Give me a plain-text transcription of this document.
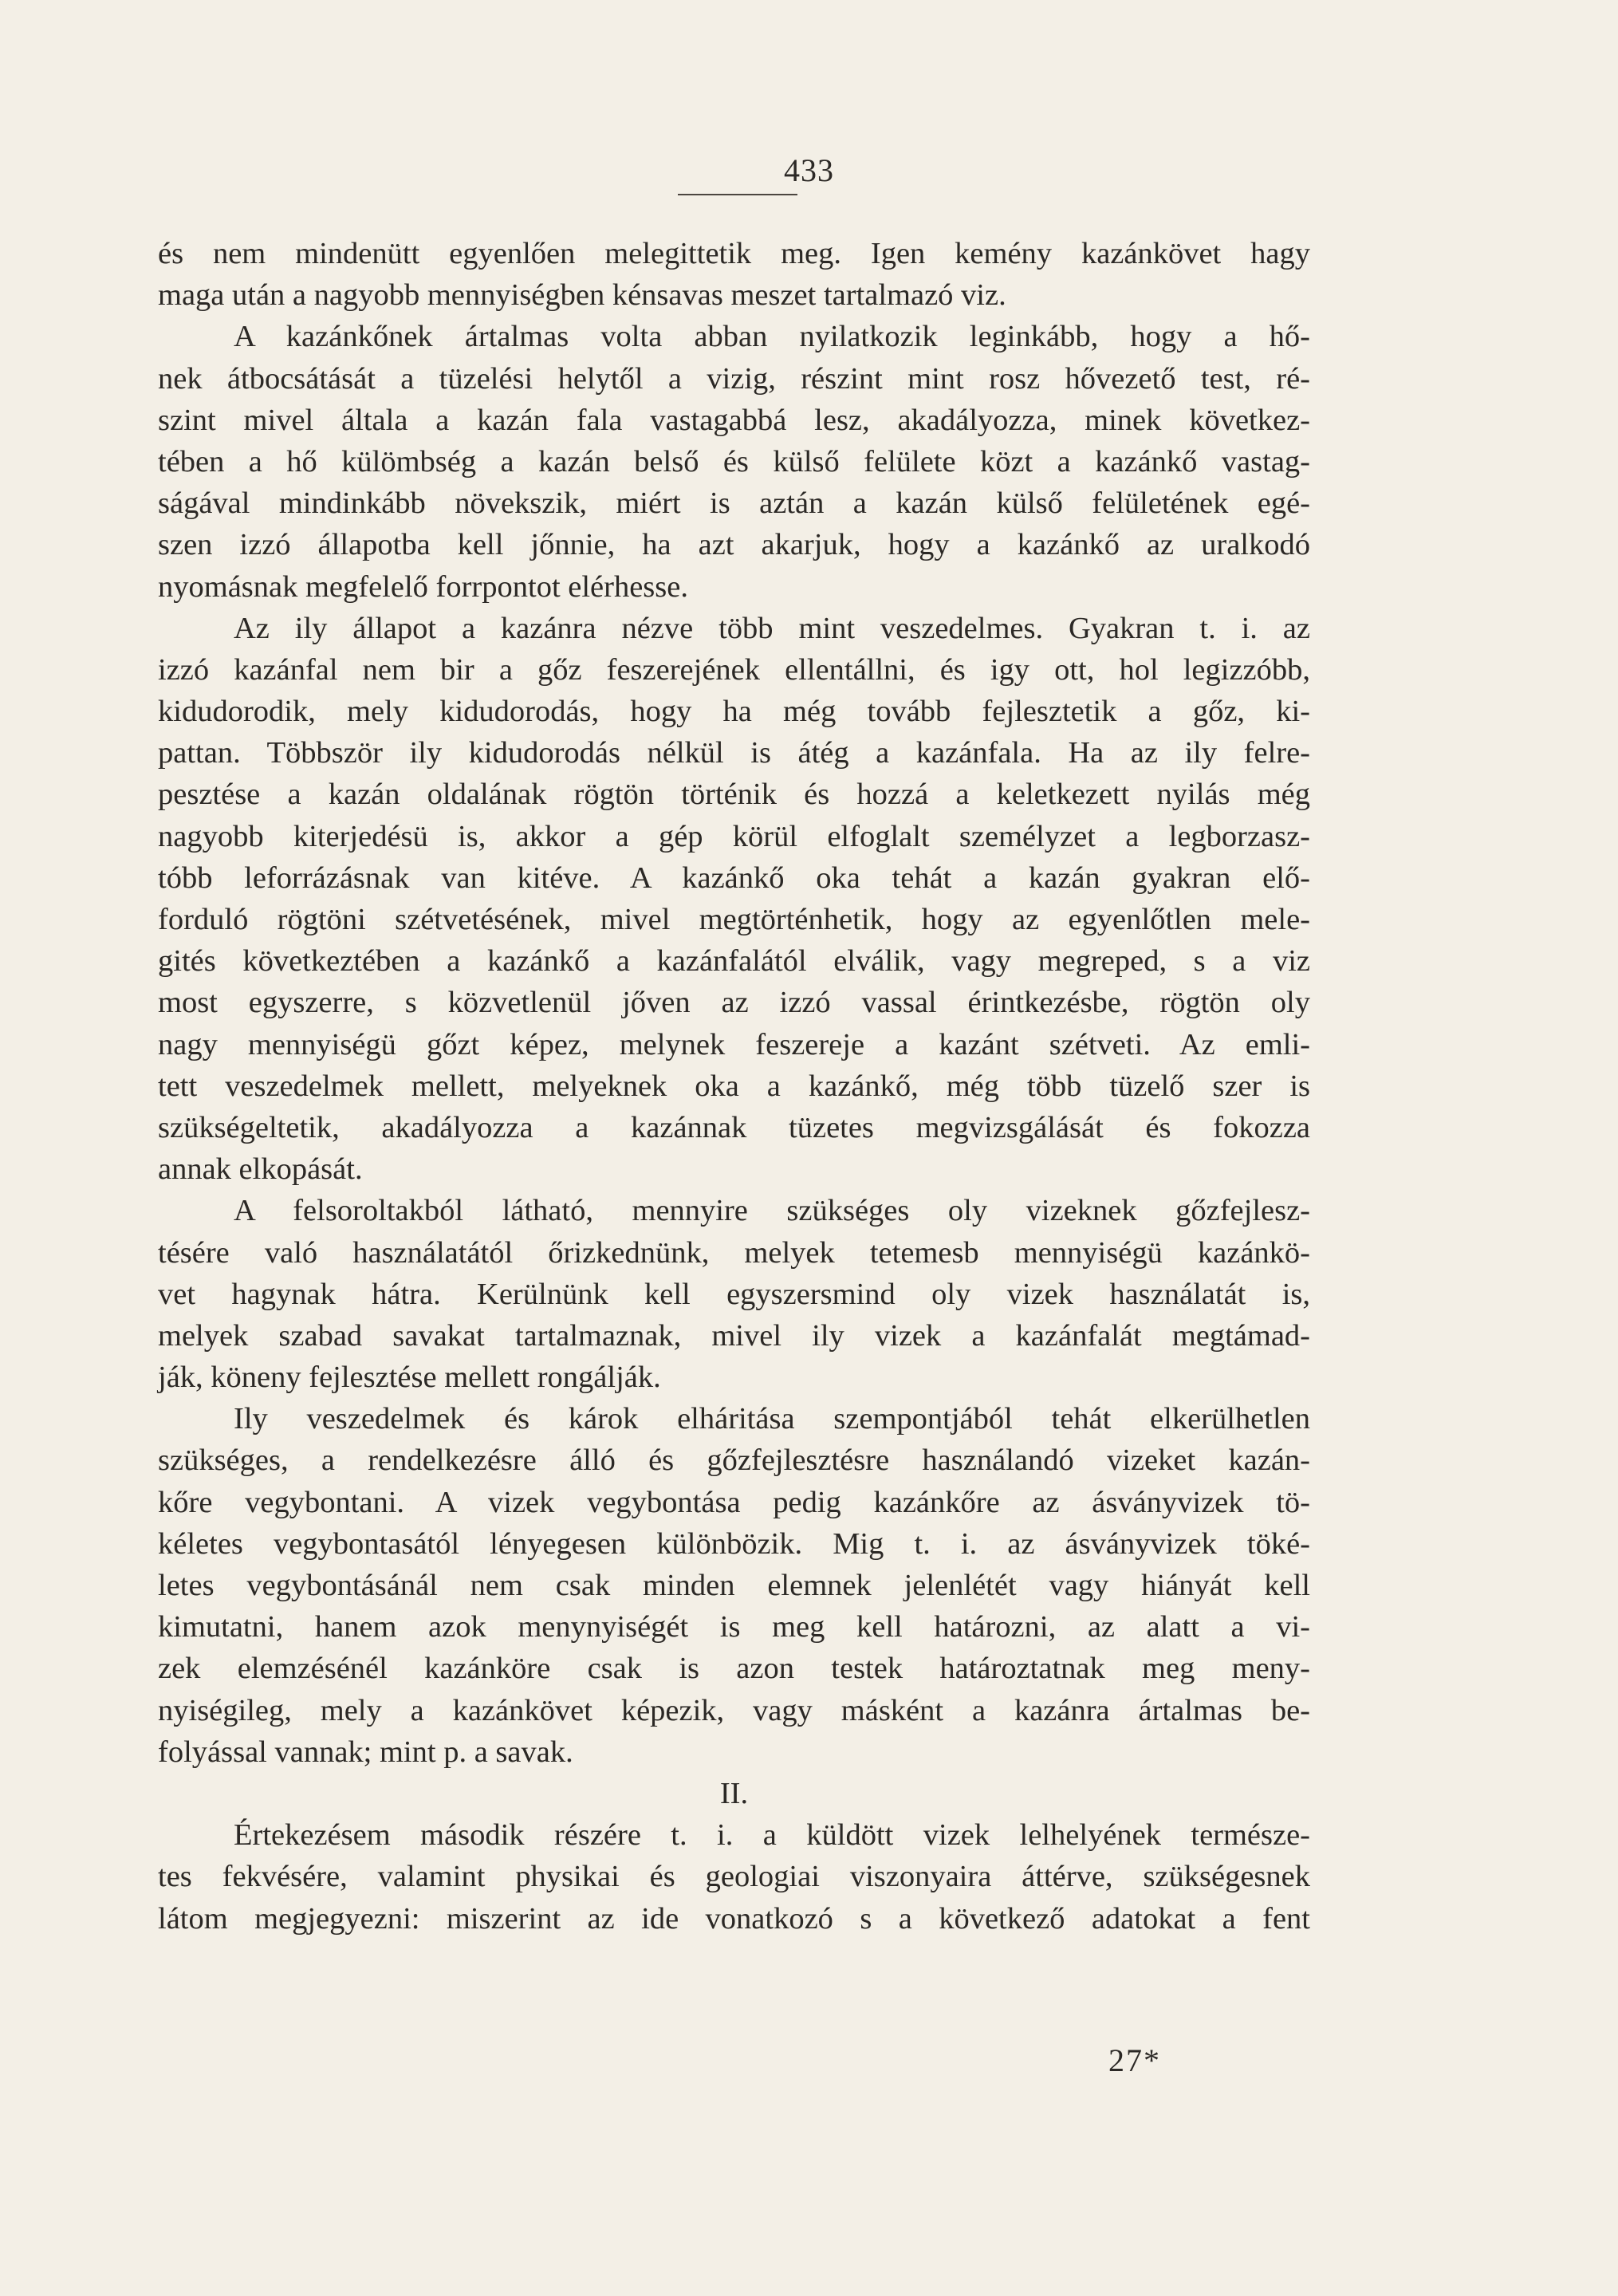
433
és nem mindenütt egyenlően melegittetik meg. Igen kemény kazánkövet hagy
maga után a nagyobb mennyiségben kénsavas meszet tartalmazó viz.
A kazánkőnek ártalmas volta abban nyilatkozik leginkább, hogy a hő-
nek átbocsátását a tüzelési helytől a vizig, részint mint rosz hővezető test, ré-
szint mivel általa a kazán fala vastagabbá lesz, akadályozza, minek következ-
tében a hő külömbség a kazán belső és külső felülete közt a kazánkő vastag-
ságával mindinkább növekszik, miért is aztán a kazán külső felületének egé-
szen izzó állapotba kell jőnnie, ha azt akarjuk, hogy a kazánkő az uralkodó
nyomásnak megfelelő forrpontot elérhesse.
Az ily állapot a kazánra nézve több mint veszedelmes. Gyakran t. i. az
izzó kazánfal nem bir a gőz feszerejének ellentállni, és igy ott, hol legizzóbb,
kidudorodik, mely kidudorodás, hogy ha még tovább fejlesztetik a gőz, ki-
pattan. Többször ily kidudorodás nélkül is átég a kazánfala. Ha az ily felre-
pesztése a kazán oldalának rögtön történik és hozzá a keletkezett nyilás még
nagyobb kiterjedésü is, akkor a gép körül elfoglalt személyzet a legborzasz-
tóbb leforrázásnak van kitéve. A kazánkő oka tehát a kazán gyakran elő-
forduló rögtöni szétvetésének, mivel megtörténhetik, hogy az egyenlőtlen mele-
gités következtében a kazánkő a kazánfalától elválik, vagy megreped, s a viz
most egyszerre, s közvetlenül jőven az izzó vassal érintkezésbe, rögtön oly
nagy mennyiségü gőzt képez, melynek feszereje a kazánt szétveti. Az emli-
tett veszedelmek mellett, melyeknek oka a kazánkő, még több tüzelő szer is
szükségeltetik, akadályozza a kazánnak tüzetes megvizsgálását és fokozza
annak elkopását.
A felsoroltakból látható, mennyire szükséges oly vizeknek gőzfejlesz-
tésére való használatától őrizkednünk, melyek tetemesb mennyiségü kazánkö-
vet hagynak hátra. Kerülnünk kell egyszersmind oly vizek használatát is,
melyek szabad savakat tartalmaznak, mivel ily vizek a kazánfalát megtámad-
ják, köneny fejlesztése mellett rongálják.
Ily veszedelmek és károk elháritása szempontjából tehát elkerülhetlen
szükséges, a rendelkezésre álló és gőzfejlesztésre használandó vizeket kazán-
kőre vegybontani. A vizek vegybontása pedig kazánkőre az ásványvizek tö-
kéletes vegybontasától lényegesen különbözik. Mig t. i. az ásványvizek töké-
letes vegybontásánál nem csak minden elemnek jelenlétét vagy hiányát kell
kimutatni, hanem azok menynyiségét is meg kell határozni, az alatt a vi-
zek elemzésénél kazánköre csak is azon testek határoztatnak meg meny-
nyiségileg, mely a kazánkövet képezik, vagy másként a kazánra ártalmas be-
folyással vannak; mint p. a savak.
II.
Értekezésem második részére t. i. a küldött vizek lelhelyének természe-
tes fekvésére, valamint physikai és geologiai viszonyaira áttérve, szükségesnek
látom megjegyezni: miszerint az ide vonatkozó s a következő adatokat a fent
27*
